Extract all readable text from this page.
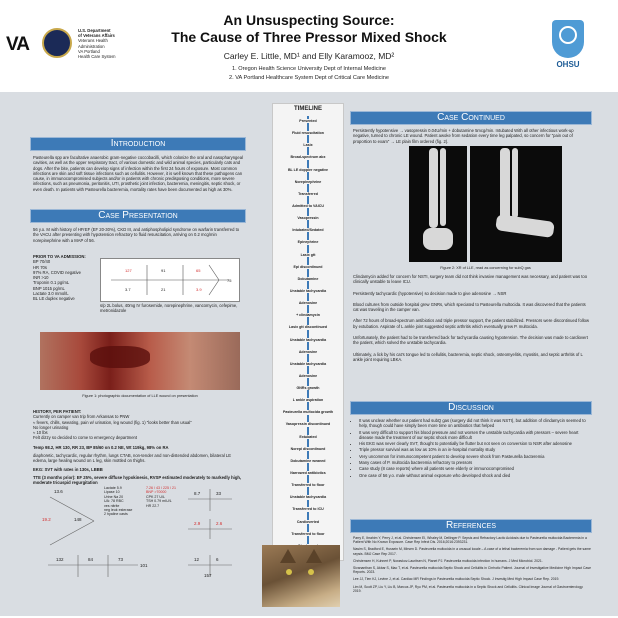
VA
U.S. Department
of Veterans Affairs
Veterans Health
Administration
VA Portland
Health Care System
An Unsuspecting Source:
The Cause of Three Pressor Mixed Shock
Carley E. Little, MD¹ and Elly Karamooz, MD²
1. Oregon Health Science University Dept of Internal Medicine
2. VA Portland Healthcare System Dept of Critical Care Medicine
OHSU
Introduction
Pasteurella spp are facultative anaerobic gram-negative coccobacilli, which colonize the oral and nasopharyngeal cavities, as well as the upper respiratory tract, of various domestic and wild animal species, particularly cats and dogs. After the bite, patients can develop signs of infection within the first 24 hours of exposure. Most common infections are skin and soft tissue infections such as cellulitis. However, it is well known that these pathogens can cause, in immunocompromised subjects and/or in patients with chronic predisposing conditions, more severe infections, such as pneumonia, peritonitis, UTI, prosthetic joint infection, bacteremia, meningitis, septic shock, or even death. In patients with Pasteurella bacteremia, mortality rates have been documented as high as 30%.
Case Presentation
56 y.o. M with history of HFrEF (EF 20-30%), CKD III, and antiphospholipid syndrome on warfarin transferred to the VACU after presenting with hypotension refractory to fluid resuscitation, arriving on 0.2 mcg/min norepinephrine with a MAP of 56.
PRIOR TO VA ADMISSION:
BP 70/40
HR 70s
97% RA, COVID negative
INR >10
Troponin 0.1 pg/mL
BNP 1015 pg/mL
Lactate 3.0 mmol/L
BL LE duplex negative
127	91	65
75
3.7	21	3.9
s/p 2L bolus, 40mg IV furosemide, norepinephrine, vancomycin, cefepime, metronidazole
Figure 1: photographic documentation of LLE wound on presentation
HISTORY, PER PATIENT:
Currently on camper van trip from Arkansas to PNW
≈ fevers, chills, sweating, pain w/ urination, leg wound (fig. 1) “looks better than usual”
No longer urinating
≈ 10 lbs
Felt dizzy so decided to come to emergency department

Temp 98.2, HR 130, RR 23, BP 85/60 on 0.2 NE, Wt 119kg, 98% on RA

diaphoretic, tachycardic, regular rhythm, lungs CTAB, non-tender and non-distended abdomen, bilateral LE edema, large healing wound on L leg, skin mottled on thighs.

EKG: SVT with rates in 130s, LBBB

TTE (3 months prior): EF 25%, severe diffuse hypokinesis, RVSP estimated moderately to markedly high, moderate tricuspid regurgitation

13.6
148
19.2
132	84	73
101
8.7	33
2.9	2.6
12	6
157
Lactate 5.9
Lipase 10
Urine Na 20
UA: 78 RBC
ves nitrite
neg leuk esterase
2 hyaline casts
7.26 / 43 / 225 / 21
BNP >70000
CPK 27 U/L
TSH 0.79 mIU/L
HR 22.7
TIMELINE
Presented
Fluid resuscitation
Lasix
Broad-spectrum abx
BL LE doppler negative
Norepinephrine
Transferred
Admitted to VAICU
Vasopressin
Intubated/Sedated
Epinephrine
Lasix gtt
Epi discontinued
Dobutamine
Unstable tachycardia
Adenosine
+ clindamycin
Lasix gtt discontinued
Unstable tachycardia
Adenosine
Unstable tachycardia
Adenosine
GNRs growth
L ankle aspiration
Pasteurella multocida growth
Vasopressin discontinued
Extubated
Norepi discontinued
Dobutamine weaned
Narrowed antibiotics
Transferred to floor
Unstable tachycardia
Transferred to ICU
Cardioverted
Transferred to floor
Case Continued
Persistently hypotensive → vasopressin 0.04U/min + dobutamine 5mcg/min. Intubated With all other infectious work-up negative, turned to chronic LE wound. Patient awoke from sedation every time leg palpated, so concern for “pain out of proportion to exam” → LE plain film ordered (fig. 2).
Figure 2: XR of LLE, read as concerning for subQ gas

Clindamycin added for concern for NSTI, surgery team did not think invasive management was necessary, and patient was too clinically unstable to leave ICU.

Persistently tachycardic (hypotensive) so decision made to give adenosine → NSR

Blood cultures from outside hospital grew GNRs, which speciated to Pasteurella multocida. It was discovered that the patients cat was traveling in the camper van.

After 72 hours of broad-spectrum antibiotics and triple pressor support, the patient stabilized. Pressors were discontinued follow by extubation. Aspirate of L ankle joint suggested septic arthritis which eventually grew P. multocida.

Unfortunately, the patient had to be transferred back for tachycardia causing hypotension. The decision was made to cardiovert the patient, which solved the unstable tachycardia.

Ultimately, a lick by his cat’s tongue led to cellulitis, bacteremia, septic shock, osteomyelitis, myositis, and septic arthritis of L ankle joint requiring LBKA.

Discussion
• It was unclear whether our patient had subQ gas (surgery did not think it was NSTI), but addition of clindamycin seemed to help, though could have simply been more time on antibiotics that helped
• It was very difficult to support his blood pressure and not worsen the unstable tachycardia with pressors – severe heart disease made the treatment of our septic shock more difficult
• His EKG was never clearly SVT, thought to potentially be flutter but not seen on conversion to NSR after adenosine
• Triple pressor survival was as low as 10% in an in-hospital mortality study
• Very uncommon for immunocompetent patient to develop severe shock from Pasteurella bacteremia
• Many cases of P. multocida bacteremia refractory to pressors
• Case study (8 case reports) where all patients were elderly or immunocompromised
• One case of 56 y.o. male without animal exposure who developed shock and died
References

Parry E, Ibrahim Y, Perry J, et al. Christensen EI, Whaley M, Dellinger P. Sepsis and Refractory Lactic Acidosis due to Pasteurella multocida Bacteremia in a Patient With No Known Exposure. Case Rep Infect Dis. 2016;2016:2393231.

Nasim S, Bradford E, Hussein M, Mirsen D. Pasteurella multocida in a unusual locale – A case of a lethal bacteremia from sun damage - Patient gets the same sepsis. BMJ Case Rep 2017.

Christensen H, Kuhnert P, Norøskov-Lauritsen N, Planet PJ. Pasteurella multocida infection in humans. J Med Microbiol. 2021.

Sivananthan S, Akbar S, Mao T, et al. Pasteurella multocida Septic Shock and Cellulitis in Cirrhotic Patient. Journal of Investigative Medicine High Impact Case Reports. 2023.

Lee JJ, Tien KJ, Levine J, et al. Cardiac MR Findings in Pasteurella multocida Septic Shock. J Investig Med High Impact Case Rep. 2019.

Lim M, Scott ZP, Liu Y, Liu B, Marcus JP, Ryu PM, et al. Pasteurella multocida in a Septic Shock and Cellulitis. Clinical Image Journal of Gastroenterology. 2019.
